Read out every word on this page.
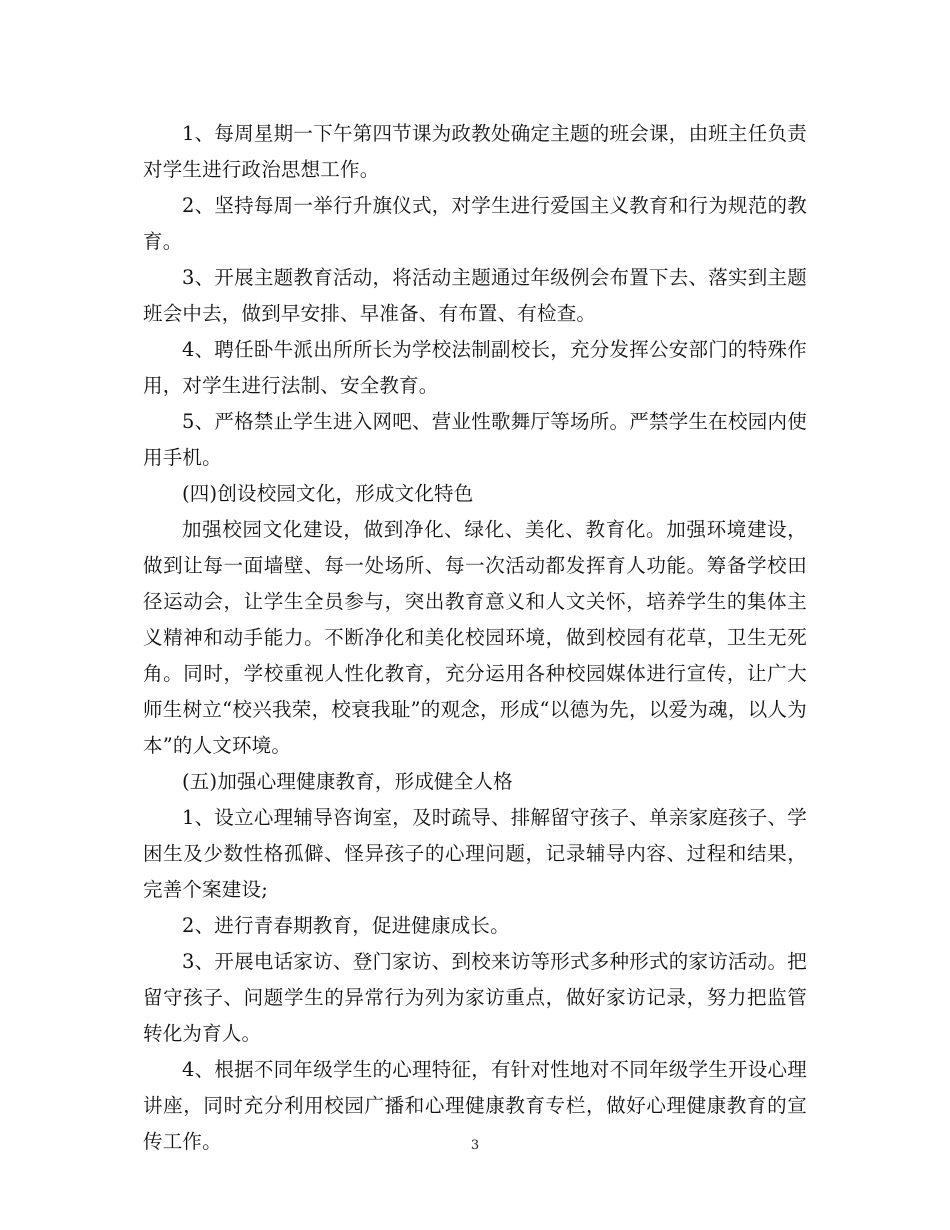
1、每周星期一下午第四节课为政教处确定主题的班会课，由班主任负责对学生进行政治思想工作。

2、坚持每周一举行升旗仪式，对学生进行爱国主义教育和行为规范的教育。

3、开展主题教育活动，将活动主题通过年级例会布置下去、落实到主题班会中去，做到早安排、早准备、有布置、有检查。

4、聘任卧牛派出所所长为学校法制副校长，充分发挥公安部门的特殊作用，对学生进行法制、安全教育。

5、严格禁止学生进入网吧、营业性歌舞厅等场所。严禁学生在校园内使用手机。

(四)创设校园文化，形成文化特色

加强校园文化建设，做到净化、绿化、美化、教育化。加强环境建设，做到让每一面墙壁、每一处场所、每一次活动都发挥育人功能。筹备学校田径运动会，让学生全员参与，突出教育意义和人文关怀，培养学生的集体主义精神和动手能力。不断净化和美化校园环境，做到校园有花草，卫生无死角。同时，学校重视人性化教育，充分运用各种校园媒体进行宣传，让广大师生树立“校兴我荣，校衰我耻”的观念，形成“以德为先，以爱为魂，以人为本”的人文环境。

(五)加强心理健康教育，形成健全人格

1、设立心理辅导咨询室，及时疏导、排解留守孩子、单亲家庭孩子、学困生及少数性格孤僻、怪异孩子的心理问题，记录辅导内容、过程和结果，完善个案建设;

2、进行青春期教育，促进健康成长。

3、开展电话家访、登门家访、到校来访等形式多种形式的家访活动。把留守孩子、问题学生的异常行为列为家访重点，做好家访记录，努力把监管转化为育人。

4、根据不同年级学生的心理特征，有针对性地对不同年级学生开设心理讲座，同时充分利用校园广播和心理健康教育专栏，做好心理健康教育的宣传工作。	3
